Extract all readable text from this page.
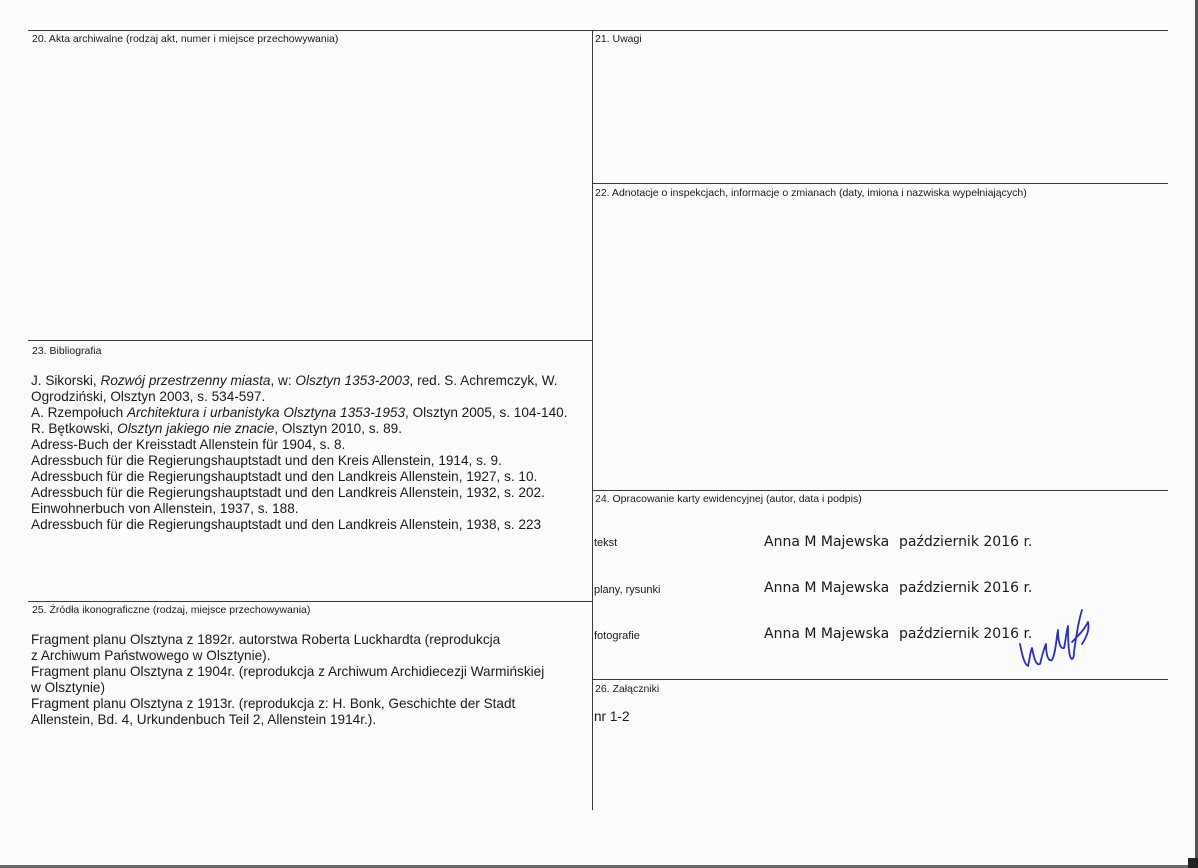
20. Akta archiwalne (rodzaj akt, numer i miejsce przechowywania)	21. Uwagi
22. Adnotacje o inspekcjach, informacje o zmianach (daty, imiona i nazwiska wypełniających)
23. Bibliografia
J. Sikorski, Rozwój przestrzenny miasta, w: Olsztyn 1353-2003, red. S. Achremczyk, W.
Ogrodziński, Olsztyn 2003, s. 534-597.
A. Rzempołuch Architektura i urbanistyka Olsztyna 1353-1953, Olsztyn 2005, s. 104-140.
R. Bętkowski, Olsztyn jakiego nie znacie, Olsztyn 2010, s. 89.
Adress-Buch der Kreisstadt Allenstein für 1904, s. 8.
Adressbuch für die Regierungshauptstadt und den Kreis Allenstein, 1914, s. 9.
Adressbuch für die Regierungshauptstadt und den Landkreis Allenstein, 1927, s. 10.
Adressbuch für die Regierungshauptstadt und den Landkreis Allenstein, 1932, s. 202.
Einwohnerbuch von Allenstein, 1937, s. 188.
Adressbuch für die Regierungshauptstadt und den Landkreis Allenstein, 1938, s. 223
25. Źródła ikonograficzne (rodzaj, miejsce przechowywania)
Fragment planu Olsztyna z 1892r. autorstwa Roberta Luckhardta (reprodukcja
z Archiwum Państwowego w Olsztynie).
Fragment planu Olsztyna z 1904r. (reprodukcja z Archiwum Archidiecezji Warmińskiej
w Olsztynie)
Fragment planu Olsztyna z 1913r. (reprodukcja z: H. Bonk, Geschichte der Stadt
Allenstein, Bd. 4, Urkundenbuch Teil 2, Allenstein 1914r.).
24. Opracowanie karty ewidencyjnej (autor, data i podpis)
tekst	Anna M Majewska październik 2016 r.
plany, rysunki	Anna M Majewska październik 2016 r.
fotografie	Anna M Majewska październik 2016 r.
26. Załączniki
nr 1-2
